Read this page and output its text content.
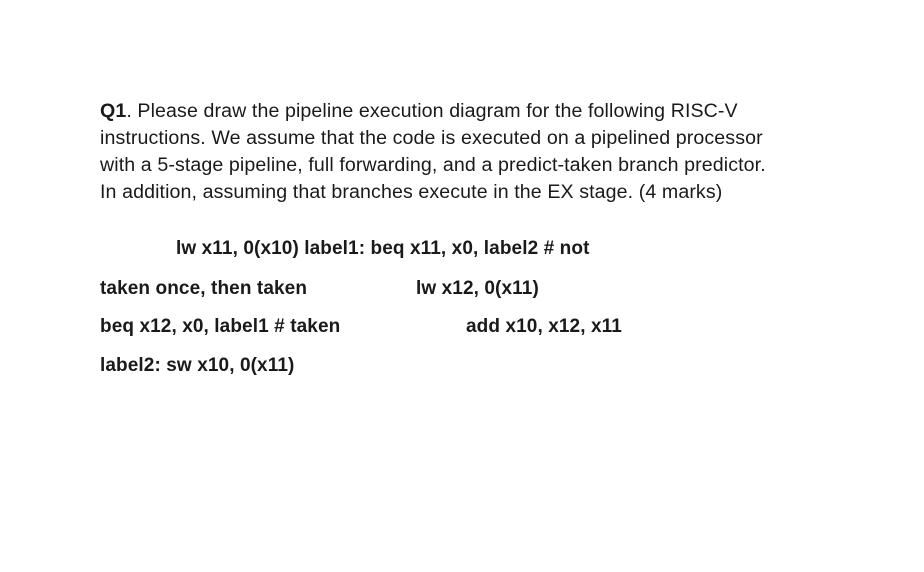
Q1. Please draw the pipeline execution diagram for the following RISC-V
instructions. We assume that the code is executed on a pipelined processor
with a 5-stage pipeline, full forwarding, and a predict-taken branch predictor.
In addition, assuming that branches execute in the EX stage. (4 marks)
lw x11, 0(x10) label1: beq x11, x0, label2 # not
taken once, then taken	lw x12, 0(x11)
beq x12, x0, label1 # taken	add x10, x12, x11
label2: sw x10, 0(x11)
